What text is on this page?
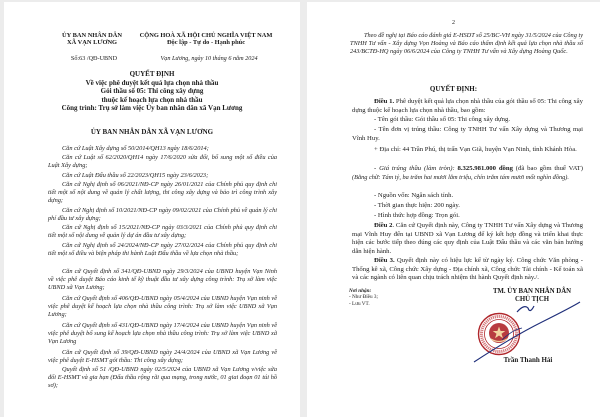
ỦY BAN NHÂN DÂN
XÃ VẠN LƯƠNG
Số:63 /QĐ-UBND
CỘNG HOÀ XÃ HỘI CHỦ NGHĨA VIỆT NAM
Độc lập - Tự do - Hạnh phúc
Vạn Lương, ngày 10 tháng 6 năm 2024
QUYẾT ĐỊNH
Về việc phê duyệt kết quả lựa chọn nhà thầu
Gói thầu số 05: Thi công xây dựng
thuộc kế hoạch lựa chọn nhà thầu
Công trình: Trụ sở làm việc Ủy ban nhân dân xã Vạn Lương
ỦY BAN NHÂN DÂN XÃ VẠN LƯƠNG
Căn cứ Luật Xây dựng số 50/2014/QH13 ngày 18/6/2014;
Căn cứ Luật số 62/2020/QH14 ngày 17/6/2020 sửa đổi, bổ sung một số điều của Luật Xây dựng;
Căn cứ Luật Đấu thầu số 22/2023/QH15 ngày 23/6/2023;
Căn cứ Nghị định số 06/2021/NĐ-CP ngày 26/01/2021 của Chính phủ quy định chi tiết một số nội dung về quản lý chất lượng, thi công xây dựng và bảo trì công trình xây dựng;
Căn cứ Nghị định số 10/2021/NĐ-CP ngày 09/02/2021 của Chính phủ về quản lý chi phí đầu tư xây dựng;
Căn cứ Nghị định số 15/2021/NĐ-CP ngày 03/3/2021 của Chính phủ quy định chi tiết một số nội dung về quản lý dự án đầu tư xây dựng;
Căn cứ Nghị định số 24/2024/NĐ-CP ngày 27/02/2024 của Chính phủ quy định chi tiết một số điều và biện pháp thi hành Luật Đấu thầu về lựa chọn nhà thầu;
Căn cứ Quyết định số 341/QĐ-UBND ngày 29/3/2024 của UBND huyện Vạn Ninh về việc phê duyệt Báo cáo kinh tế kỹ thuật đầu tư xây dựng công trình: Trụ sở làm việc UBND xã Vạn Lương;
Căn cứ Quyết định số 406/QĐ-UBND ngày 05/4/2024 của UBND huyện Vạn ninh về việc phê duyệt kế hoạch lựa chọn nhà thầu công trình: Trụ sở làm việc UBND xã Vạn Lương;
Căn cứ Quyết định số 431/QĐ-UBND ngày 17/4/2024 của UBND huyện Vạn ninh về việc phê duyệt bổ sung kế hoạch lựa chọn nhà thầu công trình: Trụ sở làm việc UBND xã Vạn Lương
Căn cứ Quyết định số 39/QĐ-UBND ngày 24/4/2024 của UBND xã Vạn Lương về việc phê duyệt E-HSMT gói thầu: Thi công xây dựng;
Quyết định số 51 /QĐ-UBND ngày 02/5/2024 của UBND xã Vạn Lương v/việc sửa đổi E-HSMT và gia hạn (Đấu thầu rộng rãi qua mạng, trong nước, 01 giai đoạn 01 túi hồ sơ);
2
Theo đề nghị tại Báo cáo đánh giá E-HSDT số 25/BC-VH ngày 31/5/2024 của Công ty TNHH Tư vấn - Xây dựng Vọn Hoàng và Báo cáo thẩm định kết quả lựa chọn nhà thầu số 243/BCTĐ-HQ ngày 06/6/2024 của Công ty TNHH Tư vấn và Xây dựng Hoàng Quốc.
QUYẾT ĐỊNH:
Điều 1. Phê duyệt kết quả lựa chọn nhà thầu của gói thầu số 05: Thi công xây dựng thuộc kế hoạch lựa chọn nhà thầu, bao gồm:
- Tên gói thầu: Gói thầu số 05: Thi công xây dựng.
- Tên đơn vị trúng thầu: Công ty TNHH Tư vấn Xây dựng và Thương mại Vĩnh Huy.
+ Địa chỉ: 44 Trần Phú, thị trấn Vạn Giã, huyện Vạn Ninh, tỉnh Khánh Hòa.
- Giá trúng thầu (làm tròn): 8.325.981.000 đồng (đã bao gồm thuế VAT) (Bằng chữ: Tám tỷ, ba trăm hai mươi lăm triệu, chín trăm tám mươi mốt nghìn đồng).
- Nguồn vốn: Ngân sách tỉnh.
- Thời gian thực hiện: 200 ngày.
- Hình thức hợp đồng: Trọn gói.
Điều 2. Căn cứ Quyết định này, Công ty TNHH Tư vấn Xây dựng và Thương mại Vĩnh Huy đến tại UBND xã Vạn Lương để ký kết hợp đồng và triển khai thực hiện các bước tiếp theo đúng các quy định của Luật Đấu thầu và các văn bản hướng dẫn hiện hành.
Điều 3. Quyết định này có hiệu lực kể từ ngày ký. Công chức Văn phòng - Thống kê xã, Công chức Xây dựng - Địa chính xã, Công chức Tài chính - Kế toán xã và các ngành có liên quan chịu trách nhiệm thi hành Quyết định này./.
Nơi nhận:
- Như Điều 3;
- Lưu VT.
TM. ỦY BAN NHÂN DÂN
CHỦ TỊCH
Trần Thanh Hải
